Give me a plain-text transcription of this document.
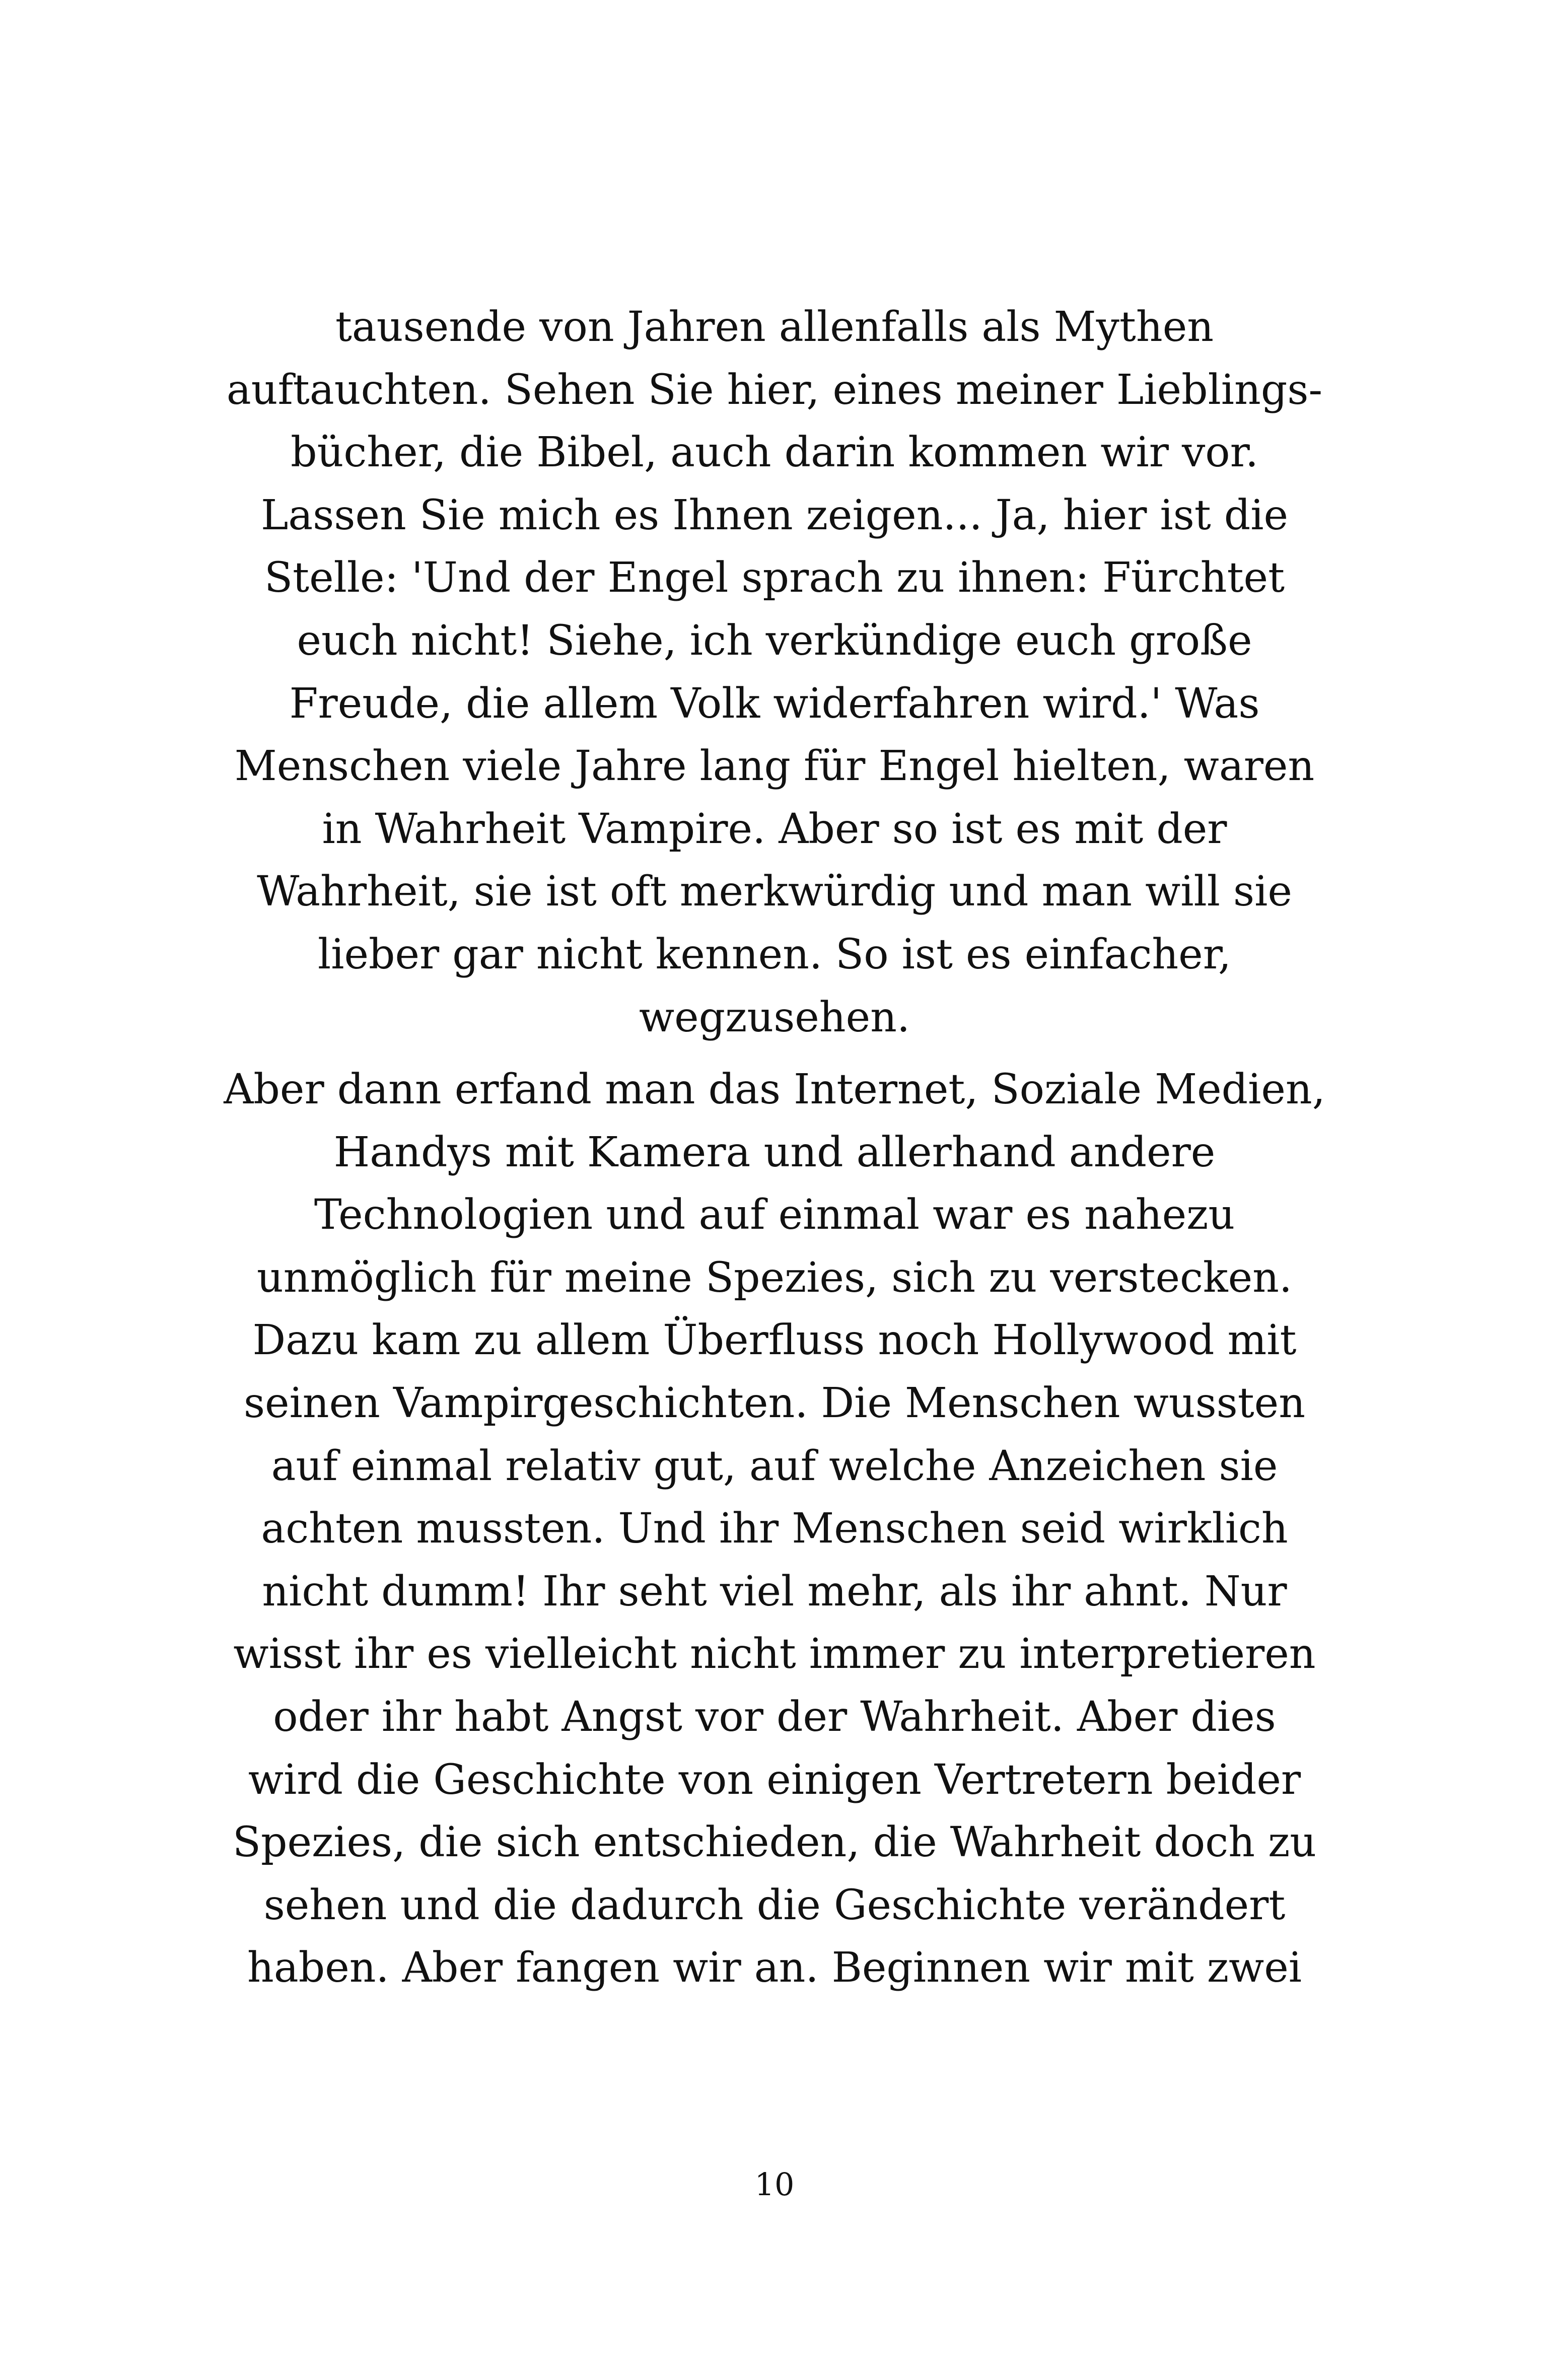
tausende von Jahren allenfalls als Mythen
auftauchten. Sehen Sie hier, eines meiner Lieblings-
bücher, die Bibel, auch darin kommen wir vor.
Lassen Sie mich es Ihnen zeigen... Ja, hier ist die
Stelle: 'Und der Engel sprach zu ihnen: Fürchtet
euch nicht! Siehe, ich verkündige euch große
Freude, die allem Volk widerfahren wird.' Was
Menschen viele Jahre lang für Engel hielten, waren
in Wahrheit Vampire. Aber so ist es mit der
Wahrheit, sie ist oft merkwürdig und man will sie
lieber gar nicht kennen. So ist es einfacher,
wegzusehen.
Aber dann erfand man das Internet, Soziale Medien,
Handys mit Kamera und allerhand andere
Technologien und auf einmal war es nahezu
unmöglich für meine Spezies, sich zu verstecken.
Dazu kam zu allem Überfluss noch Hollywood mit
seinen Vampirgeschichten. Die Menschen wussten
auf einmal relativ gut, auf welche Anzeichen sie
achten mussten. Und ihr Menschen seid wirklich
nicht dumm! Ihr seht viel mehr, als ihr ahnt. Nur
wisst ihr es vielleicht nicht immer zu interpretieren
oder ihr habt Angst vor der Wahrheit. Aber dies
wird die Geschichte von einigen Vertretern beider
Spezies, die sich entschieden, die Wahrheit doch zu
sehen und die dadurch die Geschichte verändert
haben. Aber fangen wir an. Beginnen wir mit zwei
10
